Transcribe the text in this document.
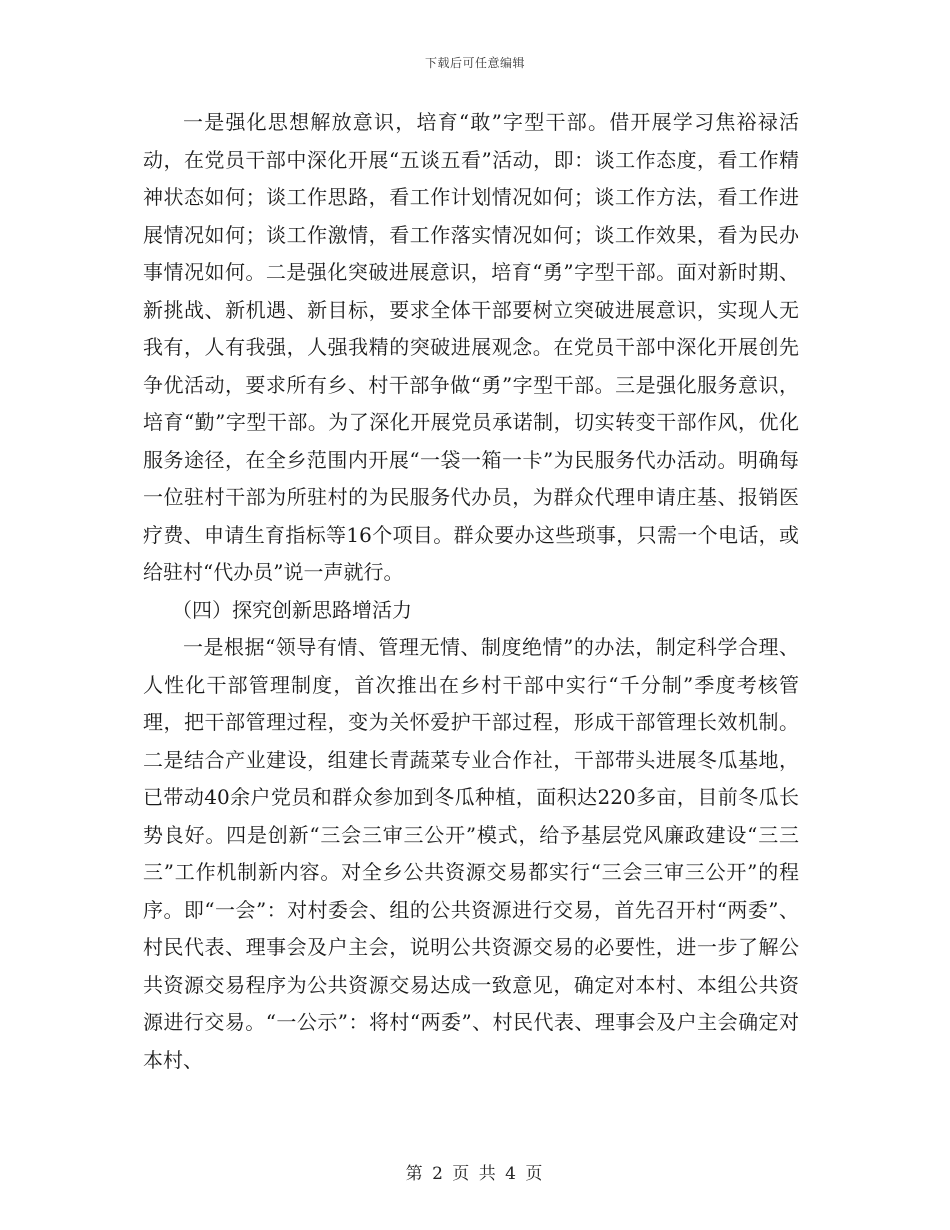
下载后可任意编辑

一是强化思想解放意识，培育“敢”字型干部。借开展学习焦裕禄活动，在党员干部中深化开展“五谈五看”活动，即：谈工作态度，看工作精神状态如何；谈工作思路，看工作计划情况如何；谈工作方法，看工作进展情况如何；谈工作激情，看工作落实情况如何；谈工作效果，看为民办事情况如何。二是强化突破进展意识，培育“勇”字型干部。面对新时期、新挑战、新机遇、新目标，要求全体干部要树立突破进展意识，实现人无我有，人有我强，人强我精的突破进展观念。在党员干部中深化开展创先争优活动，要求所有乡、村干部争做“勇”字型干部。三是强化服务意识，培育“勤”字型干部。为了深化开展党员承诺制，切实转变干部作风，优化服务途径，在全乡范围内开展“一袋一箱一卡”为民服务代办活动。明确每一位驻村干部为所驻村的为民服务代办员，为群众代理申请庄基、报销医疗费、申请生育指标等16个项目。群众要办这些琐事，只需一个电话，或给驻村“代办员”说一声就行。

（四）探究创新思路增活力

一是根据“领导有情、管理无情、制度绝情”的办法，制定科学合理、人性化干部管理制度，首次推出在乡村干部中实行“千分制”季度考核管理，把干部管理过程，变为关怀爱护干部过程，形成干部管理长效机制。二是结合产业建设，组建长青蔬菜专业合作社，干部带头进展冬瓜基地，已带动40余户党员和群众参加到冬瓜种植，面积达220多亩，目前冬瓜长势良好。四是创新“三会三审三公开”模式，给予基层党风廉政建设“三三三”工作机制新内容。对全乡公共资源交易都实行“三会三审三公开”的程序。即“一会”：对村委会、组的公共资源进行交易，首先召开村“两委”、村民代表、理事会及户主会，说明公共资源交易的必要性，进一步了解公共资源交易程序为公共资源交易达成一致意见，确定对本村、本组公共资源进行交易。“一公示”：将村“两委”、村民代表、理事会及户主会确定对本村、

第 2 页 共 4 页
